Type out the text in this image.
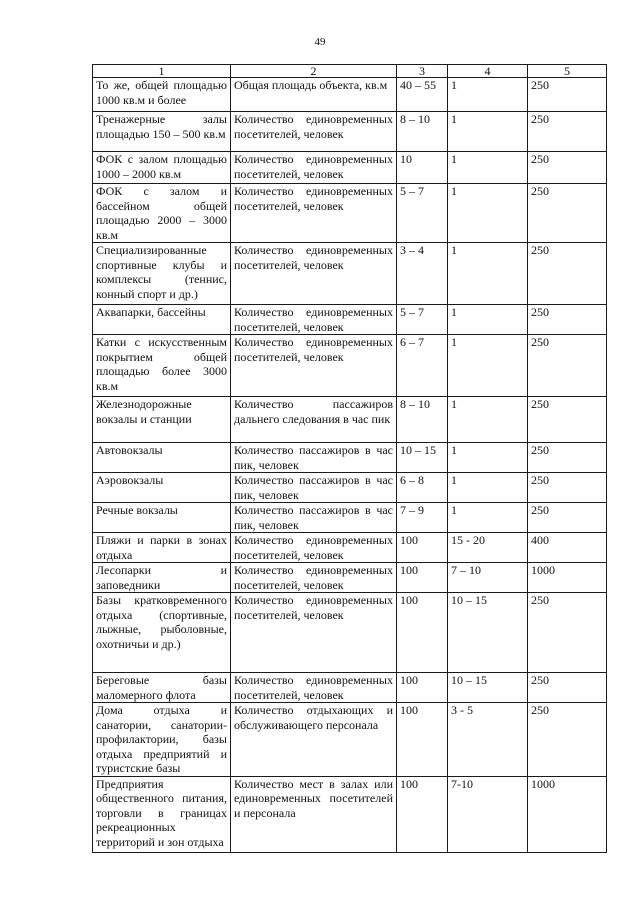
49
1	2	3	4	5
То же, общей площадью 1000 кв.м и более	Общая площадь объекта, кв.м	40 – 55	1	250
Тренажерные залы площадью 150 – 500 кв.м	Количество единовременных посетителей, человек	8 – 10	1	250
ФОК с залом площадью 1000 – 2000 кв.м	Количество единовременных посетителей, человек	10	1	250
ФОК с залом и бассейном общей площадью 2000 – 3000 кв.м	Количество единовременных посетителей, человек	5 – 7	1	250
Специализированные спортивные клубы и комплексы (теннис, конный спорт и др.)	Количество единовременных посетителей, человек	3 – 4	1	250
Аквапарки, бассейны	Количество единовременных посетителей, человек	5 – 7	1	250
Катки с искусственным покрытием общей площадью более 3000 кв.м	Количество единовременных посетителей, человек	6 – 7	1	250
Железнодорожные вокзалы и станции	Количество пассажиров дальнего следования в час пик	8 – 10	1	250
Автовокзалы	Количество пассажиров в час пик, человек	10 – 15	1	250
Аэровокзалы	Количество пассажиров в час пик, человек	6 – 8	1	250
Речные вокзалы	Количество пассажиров в час пик, человек	7 – 9	1	250
Пляжи и парки в зонах отдыха	Количество единовременных посетителей, человек	100	15 - 20	400
Лесопарки и заповедники	Количество единовременных посетителей, человек	100	7 – 10	1000
Базы кратковременного отдыха (спортивные, лыжные, рыболовные, охотничьи и др.)	Количество единовременных посетителей, человек	100	10 – 15	250
Береговые базы маломерного флота	Количество единовременных посетителей, человек	100	10 – 15	250
Дома отдыха и санатории, санатории-профилактории, базы отдыха предприятий и туристские базы	Количество отдыхающих и обслуживающего персонала	100	3 - 5	250
Предприятия общественного питания, торговли в границах рекреационных территорий и зон отдыха	Количество мест в залах или единовременных посетителей и персонала	100	7-10	1000
